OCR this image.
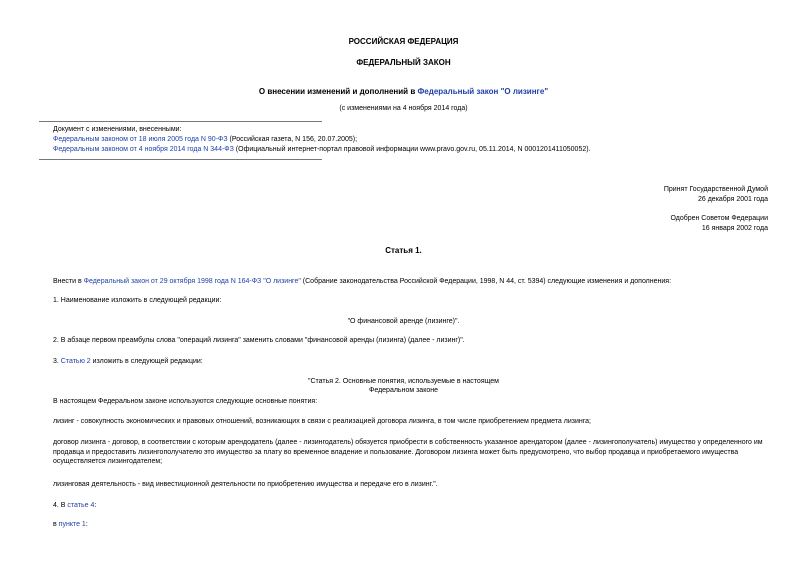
РОССИЙСКАЯ ФЕДЕРАЦИЯ
ФЕДЕРАЛЬНЫЙ ЗАКОН
О внесении изменений и дополнений в Федеральный закон "О лизинге"
(с изменениями на 4 ноября 2014 года)
Документ с изменениями, внесенными:
Федеральным законом от 18 июля 2005 года N 90-ФЗ (Российская газета, N 156, 20.07.2005);
Федеральным законом от 4 ноября 2014 года N 344-ФЗ (Официальный интернет-портал правовой информации www.pravo.gov.ru, 05.11.2014, N 0001201411050052).
Принят Государственной Думой
26 декабря 2001 года
Одобрен Советом Федерации
16 января 2002 года
Статья 1.
Внести в Федеральный закон от 29 октября 1998 года N 164-ФЗ "О лизинге" (Собрание законодательства Российской Федерации, 1998, N 44, ст. 5394) следующие изменения и дополнения:
1. Наименование изложить в следующей редакции:
"О финансовой аренде (лизинге)".
2. В абзаце первом преамбулы слова "операций лизинга" заменить словами "финансовой аренды (лизинга) (далее - лизинг)".
3. Статью 2 изложить в следующей редакции:
"Статья 2. Основные понятия, используемые в настоящем
Федеральном законе
В настоящем Федеральном законе используются следующие основные понятия:
лизинг - совокупность экономических и правовых отношений, возникающих в связи с реализацией договора лизинга, в том числе приобретением предмета лизинга;
договор лизинга - договор, в соответствии с которым арендодатель (далее - лизингодатель) обязуется приобрести в собственность указанное арендатором (далее - лизингополучатель) имущество у определенного им продавца и предоставить лизингополучателю это имущество за плату во временное владение и пользование. Договором лизинга может быть предусмотрено, что выбор продавца и приобретаемого имущества осуществляется лизингодателем;
лизинговая деятельность - вид инвестиционной деятельности по приобретению имущества и передаче его в лизинг.".
4. В статье 4:
в пункте 1:
